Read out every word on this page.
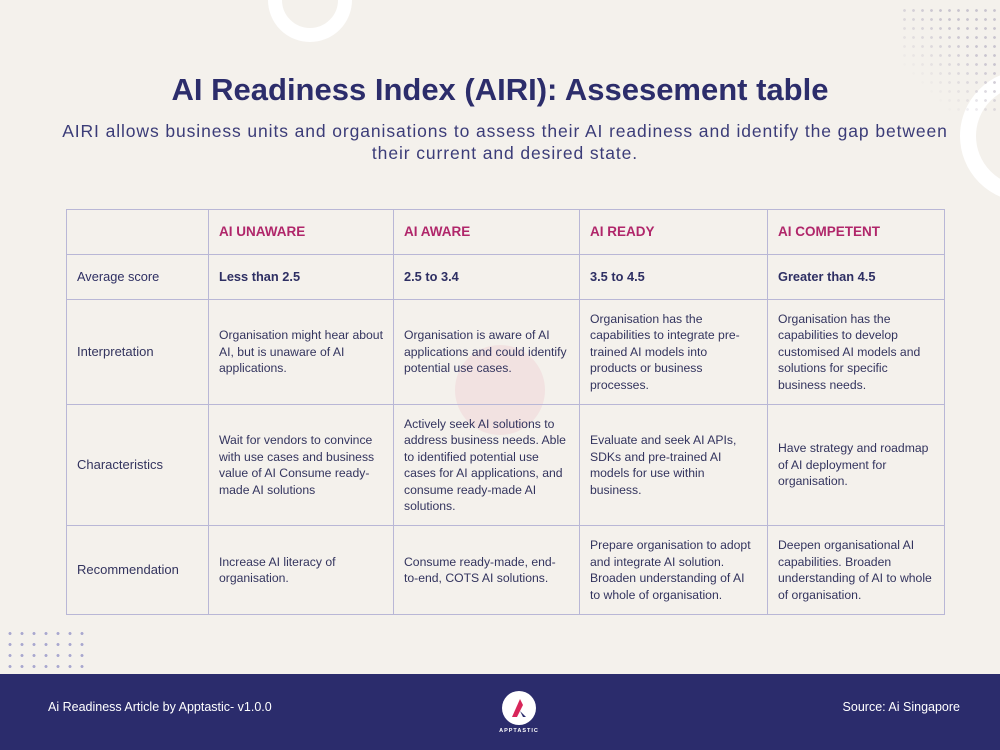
AI Readiness Index (AIRI): Assesement table

AIRI allows business units and organisations to assess their AI readiness and identify the gap between their current and desired state.

	AI UNAWARE	AI AWARE	AI READY	AI COMPETENT
Average score	Less than 2.5	2.5 to 3.4	3.5 to 4.5	Greater than 4.5
Interpretation	Organisation might hear about AI, but is unaware of AI applications.	Organisation is aware of AI applications and could identify potential use cases.	Organisation has the capabilities to integrate pre-trained AI models into products or business processes.	Organisation has the capabilities to develop customised AI models and solutions for specific business needs.
Characteristics	Wait for vendors to convince with use cases and business value of AI Consume ready-made AI solutions	Actively seek AI solutions to address business needs. Able to identified potential use cases for AI applications, and consume ready-made AI solutions.	Evaluate and seek AI APIs, SDKs and pre-trained AI models for use within business.	Have strategy and roadmap of AI deployment for organisation.
Recommendation	Increase AI literacy of organisation.	Consume ready-made, end-to-end, COTS AI solutions.	Prepare organisation to adopt and integrate AI solution. Broaden understanding of AI to whole of organisation.	Deepen organisational AI capabilities. Broaden understanding of AI to whole of organisation.
Ai Readiness Article by Apptastic- v1.0.0
APPTASTIC
Source: Ai Singapore
